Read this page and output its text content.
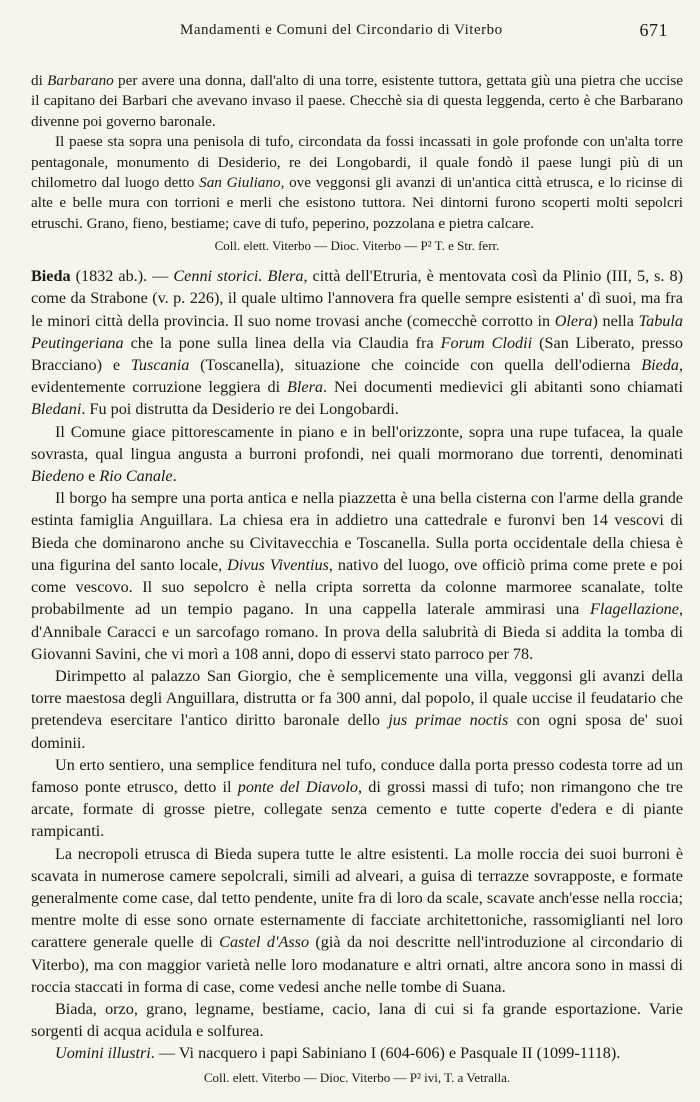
Mandamenti e Comuni del Circondario di Viterbo	671

di Barbarano per avere una donna, dall'alto di una torre, esistente tuttora, gettata giù una pietra che uccise il capitano dei Barbari che avevano invaso il paese. Checchè sia di questa leggenda, certo è che Barbarano divenne poi governo baronale.

Il paese sta sopra una penisola di tufo, circondata da fossi incassati in gole profonde con un'alta torre pentagonale, monumento di Desiderio, re dei Longobardi, il quale fondò il paese lungi più di un chilometro dal luogo detto San Giuliano, ove veggonsi gli avanzi di un'antica città etrusca, e lo ricinse di alte e belle mura con torrioni e merli che esistono tuttora. Nei dintorni furono scoperti molti sepolcri etruschi. Grano, fieno, bestiame; cave di tufo, peperino, pozzolana e pietra calcare.

Coll. elett. Viterbo — Dioc. Viterbo — P² T. e Str. ferr.

Bieda (1832 ab.). — Cenni storici. Blera, città dell'Etruria, è mentovata così da Plinio (III, 5, s. 8) come da Strabone (v. p. 226), il quale ultimo l'annovera fra quelle sempre esistenti a' dì suoi, ma fra le minori città della provincia. Il suo nome trovasi anche (comecchè corrotto in Olera) nella Tabula Peutingeriana che la pone sulla linea della via Claudia fra Forum Clodii (San Liberato, presso Bracciano) e Tuscania (Toscanella), situazione che coincide con quella dell'odierna Bieda, evidentemente corruzione leggiera di Blera. Nei documenti medievici gli abitanti sono chiamati Bledani. Fu poi distrutta da Desiderio re dei Longobardi.

Il Comune giace pittorescamente in piano e in bell'orizzonte, sopra una rupe tufacea, la quale sovrasta, qual lingua angusta a burroni profondi, nei quali mormorano due torrenti, denominati Biedeno e Rio Canale.

Il borgo ha sempre una porta antica e nella piazzetta è una bella cisterna con l'arme della grande estinta famiglia Anguillara. La chiesa era in addietro una cattedrale e furonvi ben 14 vescovi di Bieda che dominarono anche su Civitavecchia e Toscanella. Sulla porta occidentale della chiesa è una figurina del santo locale, Divus Viventius, nativo del luogo, ove officiò prima come prete e poi come vescovo. Il suo sepolcro è nella cripta sorretta da colonne marmoree scanalate, tolte probabilmente ad un tempio pagano. In una cappella laterale ammirasi una Flagellazione, d'Annibale Caracci e un sarcofago romano. In prova della salubrità di Bieda si addita la tomba di Giovanni Savini, che vi morì a 108 anni, dopo di esservi stato parroco per 78.

Dirimpetto al palazzo San Giorgio, che è semplicemente una villa, veggonsi gli avanzi della torre maestosa degli Anguillara, distrutta or fa 300 anni, dal popolo, il quale uccise il feudatario che pretendeva esercitare l'antico diritto baronale dello jus primae noctis con ogni sposa de' suoi dominii.

Un erto sentiero, una semplice fenditura nel tufo, conduce dalla porta presso codesta torre ad un famoso ponte etrusco, detto il ponte del Diavolo, di grossi massi di tufo; non rimangono che tre arcate, formate di grosse pietre, collegate senza cemento e tutte coperte d'edera e di piante rampicanti.

La necropoli etrusca di Bieda supera tutte le altre esistenti. La molle roccia dei suoi burroni è scavata in numerose camere sepolcrali, simili ad alveari, a guisa di terrazze sovrapposte, e formate generalmente come case, dal tetto pendente, unite fra di loro da scale, scavate anch'esse nella roccia; mentre molte di esse sono ornate esternamente di facciate architettoniche, rassomiglianti nel loro carattere generale quelle di Castel d'Asso (già da noi descritte nell'introduzione al circondario di Viterbo), ma con maggior varietà nelle loro modanature e altri ornati, altre ancora sono in massi di roccia staccati in forma di case, come vedesi anche nelle tombe di Suana.

Biada, orzo, grano, legname, bestiame, cacio, lana di cui si fa grande esportazione. Varie sorgenti di acqua acidula e solfurea.

Uomini illustri. — Vi nacquero i papi Sabiniano I (604-606) e Pasquale II (1099-1118).

Coll. elett. Viterbo — Dioc. Viterbo — P² ivi, T. a Vetralla.
